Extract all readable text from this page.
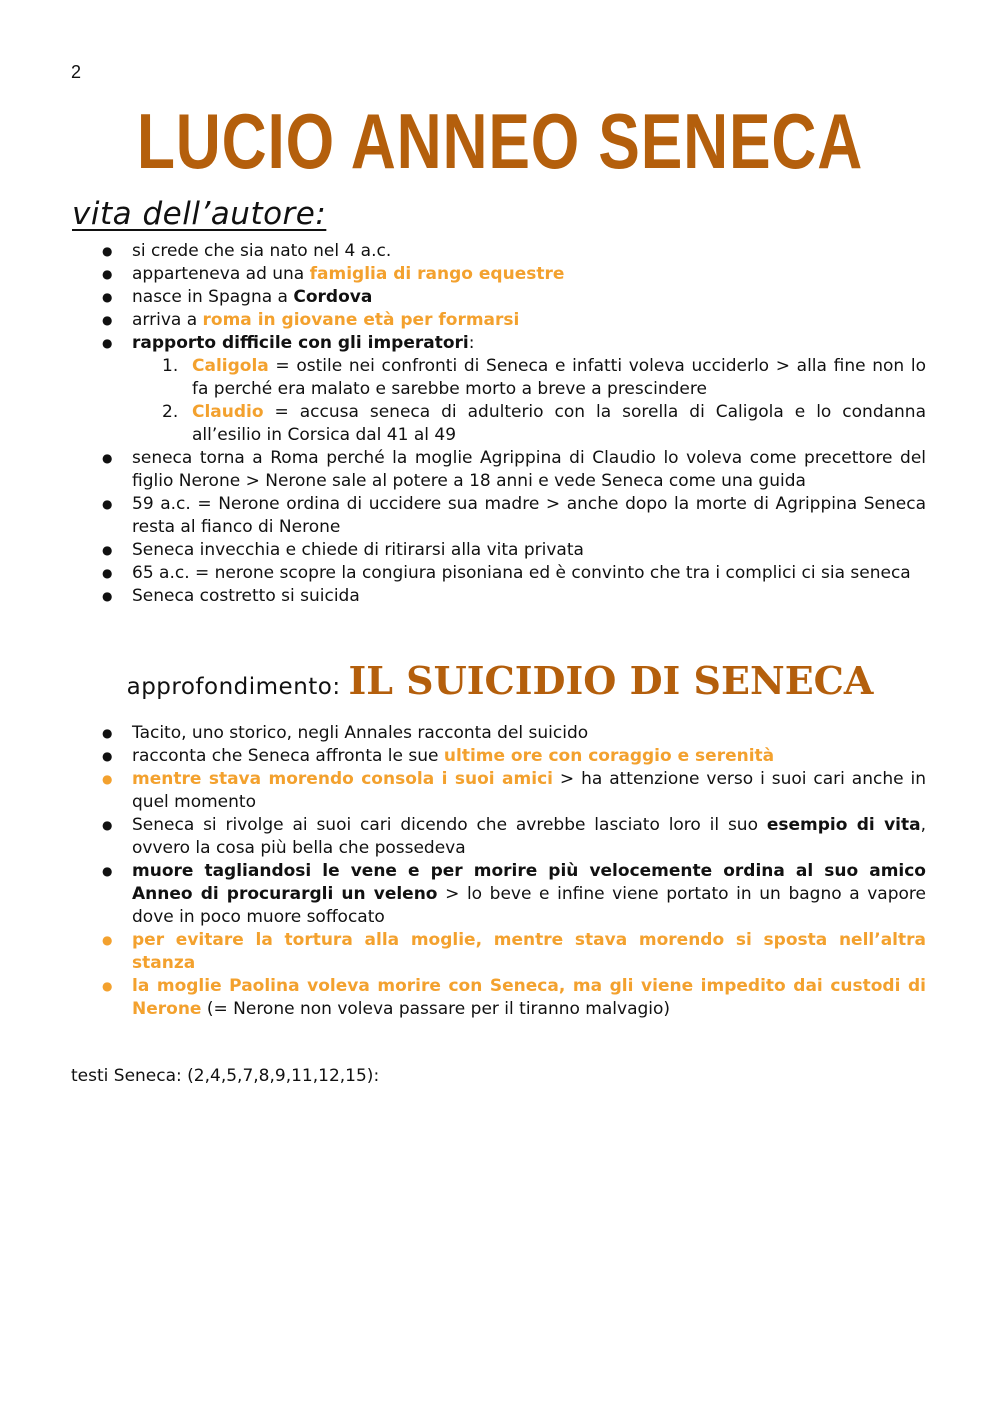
2
LUCIO ANNEO SENECA
vita dell’autore:
● si crede che sia nato nel 4 a.c.
● apparteneva ad una famiglia di rango equestre
● nasce in Spagna a Cordova
● arriva a roma in giovane età per formarsi
● rapporto difficile con gli imperatori:
1. Caligola = ostile nei confronti di Seneca e infatti voleva ucciderlo > alla fine non lo fa perché era malato e sarebbe morto a breve a prescindere
2. Claudio = accusa seneca di adulterio con la sorella di Caligola e lo condanna all’esilio in Corsica dal 41 al 49
● seneca torna a Roma perché la moglie Agrippina di Claudio lo voleva come precettore del figlio Nerone > Nerone sale al potere a 18 anni e vede Seneca come una guida
● 59 a.c. = Nerone ordina di uccidere sua madre > anche dopo la morte di Agrippina Seneca resta al fianco di Nerone
● Seneca invecchia e chiede di ritirarsi alla vita privata
● 65 a.c. = nerone scopre la congiura pisoniana ed è convinto che tra i complici ci sia seneca
● Seneca costretto si suicida
approfondimento: IL SUICIDIO DI SENECA
● Tacito, uno storico, negli Annales racconta del suicido
● racconta che Seneca affronta le sue ultime ore con coraggio e serenità
● mentre stava morendo consola i suoi amici > ha attenzione verso i suoi cari anche in quel momento
● Seneca si rivolge ai suoi cari dicendo che avrebbe lasciato loro il suo esempio di vita, ovvero la cosa più bella che possedeva
● muore tagliandosi le vene e per morire più velocemente ordina al suo amico Anneo di procurargli un veleno > lo beve e infine viene portato in un bagno a vapore dove in poco muore soffocato
● per evitare la tortura alla moglie, mentre stava morendo si sposta nell’altra stanza
● la moglie Paolina voleva morire con Seneca, ma gli viene impedito dai custodi di Nerone (= Nerone non voleva passare per il tiranno malvagio)
testi Seneca: (2,4,5,7,8,9,11,12,15):
